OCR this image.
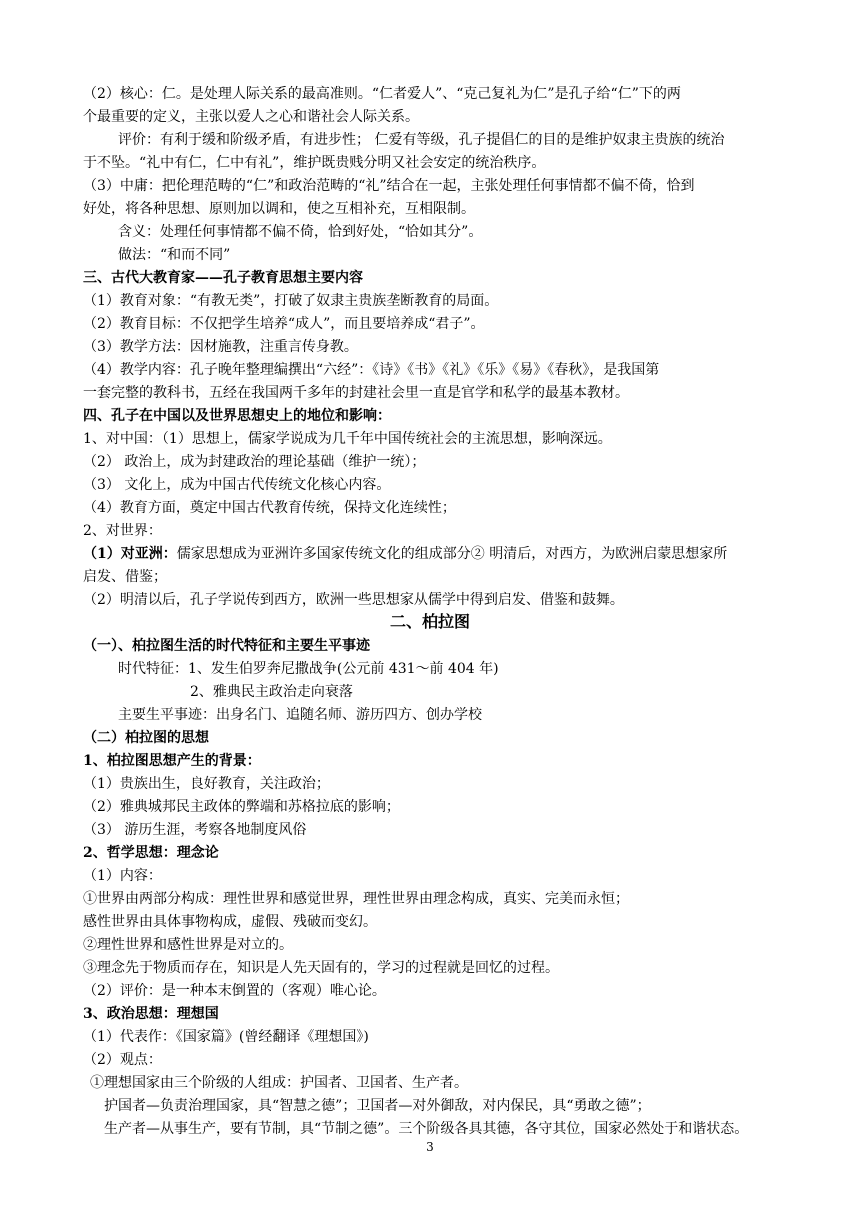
（2）核心：仁。是处理人际关系的最高准则。“仁者爱人”、“克己复礼为仁”是孔子给“仁”下的两
个最重要的定义，主张以爱人之心和谐社会人际关系。
评价：有利于缓和阶级矛盾，有进步性； 仁爱有等级，孔子提倡仁的目的是维护奴隶主贵族的统治
于不坠。“礼中有仁，仁中有礼”，维护既贵贱分明又社会安定的统治秩序。
（3）中庸：把伦理范畴的“仁”和政治范畴的“礼”结合在一起，主张处理任何事情都不偏不倚，恰到
好处，将各种思想、原则加以调和，使之互相补充，互相限制。
含义：处理任何事情都不偏不倚，恰到好处，“恰如其分”。
做法：“和而不同”
三、古代大教育家——孔子教育思想主要内容
（1）教育对象：“有教无类”，打破了奴隶主贵族垄断教育的局面。
（2）教育目标：不仅把学生培养“成人”，而且要培养成“君子”。
（3）教学方法：因材施教，注重言传身教。
（4）教学内容：孔子晚年整理编撰出“六经”：《诗》《书》《礼》《乐》《易》《春秋》，是我国第
一套完整的教科书，五经在我国两千多年的封建社会里一直是官学和私学的最基本教材。
四、孔子在中国以及世界思想史上的地位和影响：
1、对中国：（1）思想上，儒家学说成为几千年中国传统社会的主流思想，影响深远。
（2） 政治上，成为封建政治的理论基础（维护一统）；
（3） 文化上，成为中国古代传统文化核心内容。
（4）教育方面，奠定中国古代教育传统，保持文化连续性；
2、对世界：
（1）对亚洲：儒家思想成为亚洲许多国家传统文化的组成部分② 明清后，对西方，为欧洲启蒙思想家所
启发、借鉴；
（2）明清以后，孔子学说传到西方，欧洲一些思想家从儒学中得到启发、借鉴和鼓舞。
二、柏拉图
（一）、柏拉图生活的时代特征和主要生平事迹
时代特征：1、发生伯罗奔尼撒战争(公元前 431～前 404 年)
2、雅典民主政治走向衰落
主要生平事迹：出身名门、追随名师、游历四方、创办学校
（二）柏拉图的思想
1、柏拉图思想产生的背景：
（1）贵族出生，良好教育，关注政治；
（2）雅典城邦民主政体的弊端和苏格拉底的影响；
（3） 游历生涯，考察各地制度风俗
2、哲学思想：理念论
（1）内容：
①世界由两部分构成：理性世界和感觉世界，理性世界由理念构成，真实、完美而永恒；
感性世界由具体事物构成，虚假、残破而变幻。
②理性世界和感性世界是对立的。
③理念先于物质而存在，知识是人先天固有的，学习的过程就是回忆的过程。
（2）评价：是一种本末倒置的（客观）唯心论。
3、政治思想：理想国
（1）代表作：《国家篇》(曾经翻译《理想国》)
（2）观点：
①理想国家由三个阶级的人组成：护国者、卫国者、生产者。
护国者—负责治理国家，具“智慧之德”；卫国者—对外御敌，对内保民，具“勇敢之德”；
生产者—从事生产，要有节制，具“节制之德”。三个阶级各具其德，各守其位，国家必然处于和谐状态。
3
